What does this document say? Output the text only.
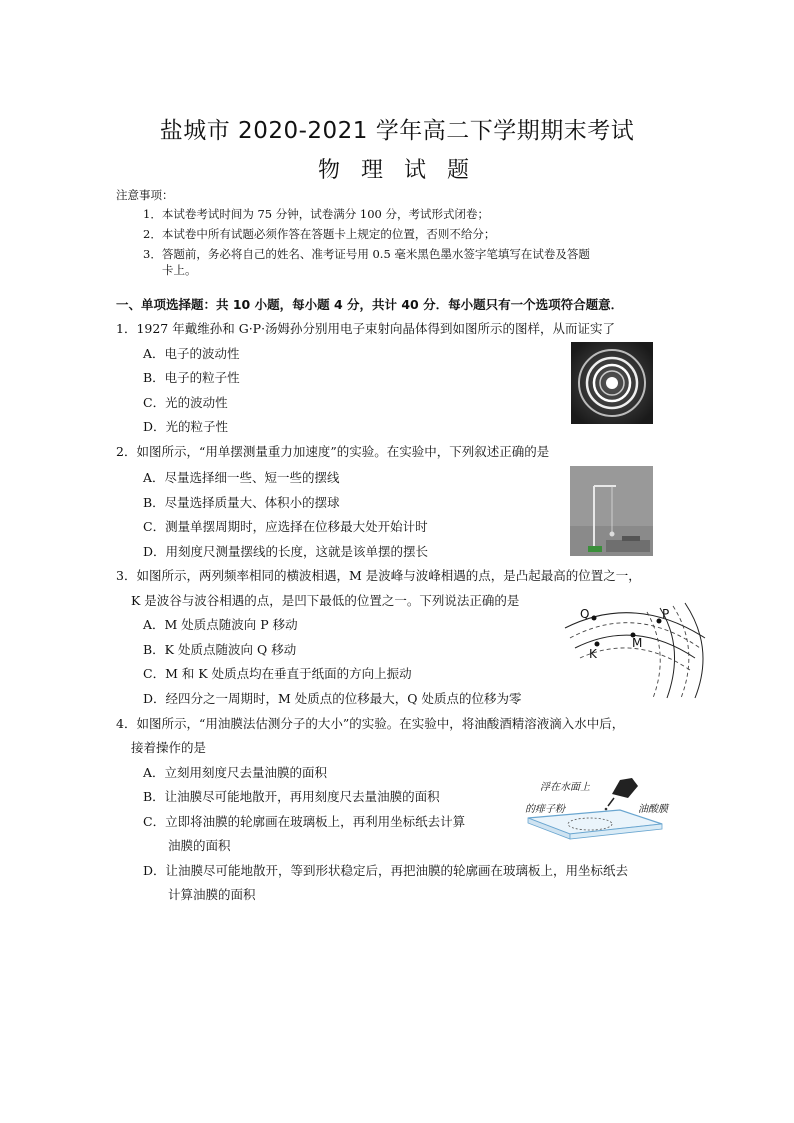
盐城市 2020-2021 学年高二下学期期末考试
物 理 试 题
注意事项：
1．本试卷考试时间为 75 分钟，试卷满分 100 分，考试形式闭卷；
2．本试卷中所有试题必须作答在答题卡上规定的位置，否则不给分；
3．答题前，务必将自己的姓名、准考证号用 0.5 毫米黑色墨水签字笔填写在试卷及答题
卡上。
一、单项选择题：共 10 小题，每小题 4 分，共计 40 分．每小题只有一个选项符合题意．
1．1927 年戴维孙和 G·P·汤姆孙分别用电子束射向晶体得到如图所示的图样，从而证实了
A．电子的波动性
B．电子的粒子性
C．光的波动性
D．光的粒子性
2．如图所示，“用单摆测量重力加速度”的实验。在实验中，下列叙述正确的是
A．尽量选择细一些、短一些的摆线
B．尽量选择质量大、体积小的摆球
C．测量单摆周期时，应选择在位移最大处开始计时
D．用刻度尺测量摆线的长度，这就是该单摆的摆长
3．如图所示，两列频率相同的横波相遇，M 是波峰与波峰相遇的点，是凸起最高的位置之一，
K 是波谷与波谷相遇的点，是凹下最低的位置之一。下列说法正确的是
A．M 处质点随波向 P 移动
B．K 处质点随波向 Q 移动
C．M 和 K 处质点均在垂直于纸面的方向上振动
D．经四分之一周期时，M 处质点的位移最大，Q 处质点的位移为零
Q	P
M
K
4．如图所示，“用油膜法估测分子的大小”的实验。在实验中，将油酸酒精溶液滴入水中后，
接着操作的是
A．立刻用刻度尺去量油膜的面积
B．让油膜尽可能地散开，再用刻度尺去量油膜的面积
C．立即将油膜的轮廓画在玻璃板上，再利用坐标纸去计算
油膜的面积
D．让油膜尽可能地散开，等到形状稳定后，再把油膜的轮廓画在玻璃板上，用坐标纸去
计算油膜的面积
浮在水面上
的痱子粉	油酸膜
